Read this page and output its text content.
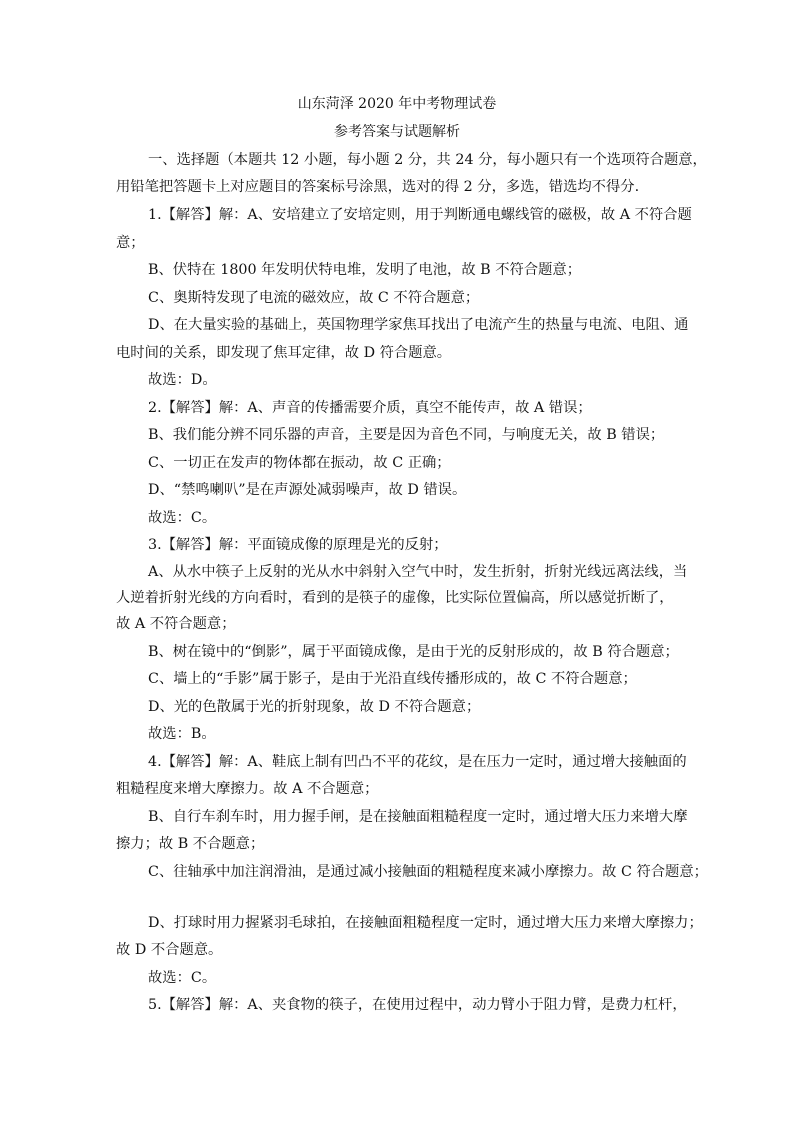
山东菏泽 2020 年中考物理试卷
参考答案与试题解析
一、选择题（本题共 12 小题，每小题 2 分，共 24 分，每小题只有一个选项符合题意，
用铅笔把答题卡上对应题目的答案标号涂黑，选对的得 2 分，多选，错选均不得分.
1.【解答】解：A、安培建立了安培定则，用于判断通电螺线管的磁极，故 A 不符合题
意；
B、伏特在 1800 年发明伏特电堆，发明了电池，故 B 不符合题意；
C、奥斯特发现了电流的磁效应，故 C 不符合题意；
D、在大量实验的基础上，英国物理学家焦耳找出了电流产生的热量与电流、电阻、通
电时间的关系，即发现了焦耳定律，故 D 符合题意。
故选：D。
2.【解答】解：A、声音的传播需要介质，真空不能传声，故 A 错误；
B、我们能分辨不同乐器的声音，主要是因为音色不同，与响度无关，故 B 错误；
C、一切正在发声的物体都在振动，故 C 正确；
D、“禁鸣喇叭”是在声源处减弱噪声，故 D 错误。
故选：C。
3.【解答】解：平面镜成像的原理是光的反射；
A、从水中筷子上反射的光从水中斜射入空气中时，发生折射，折射光线远离法线，当
人逆着折射光线的方向看时，看到的是筷子的虚像，比实际位置偏高，所以感觉折断了，
故 A 不符合题意；
B、树在镜中的“倒影”，属于平面镜成像，是由于光的反射形成的，故 B 符合题意；
C、墙上的“手影”属于影子，是由于光沿直线传播形成的，故 C 不符合题意；
D、光的色散属于光的折射现象，故 D 不符合题意；
故选：B。
4.【解答】解：A、鞋底上制有凹凸不平的花纹，是在压力一定时，通过增大接触面的
粗糙程度来增大摩擦力。故 A 不合题意；
B、自行车刹车时，用力握手闸，是在接触面粗糙程度一定时，通过增大压力来增大摩
擦力；故 B 不合题意；
C、往轴承中加注润滑油，是通过减小接触面的粗糙程度来减小摩擦力。故 C 符合题意；
D、打球时用力握紧羽毛球拍，在接触面粗糙程度一定时，通过增大压力来增大摩擦力；
故 D 不合题意。
故选：C。
5.【解答】解：A、夹食物的筷子，在使用过程中，动力臂小于阻力臂，是费力杠杆，
